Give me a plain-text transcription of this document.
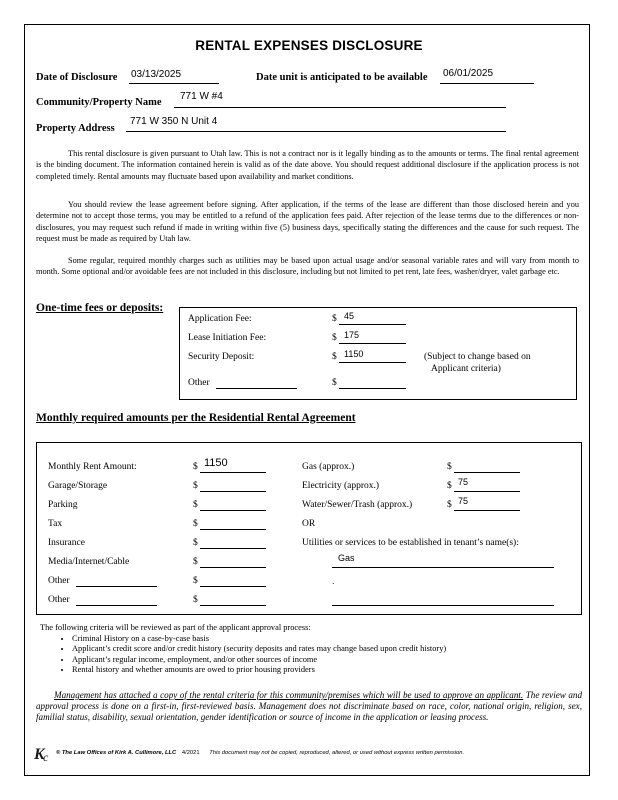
RENTAL EXPENSES DISCLOSURE
Date of Disclosure 03/13/2025	Date unit is anticipated to be available 06/01/2025
Community/Property Name
771 W #4
Property Address
771 W 350 N Unit 4
This rental disclosure is given pursuant to Utah law. This is not a contract nor is it legally binding as to the amounts or terms. The final rental agreement is the binding document. The information contained herein is valid as of the date above. You should request additional disclosure if the application process is not completed timely. Rental amounts may fluctuate based upon availability and market conditions.
You should review the lease agreement before signing. After application, if the terms of the lease are different than those disclosed herein and you determine not to accept those terms, you may be entitled to a refund of the application fees paid. After rejection of the lease terms due to the differences or non-disclosures, you may request such refund if made in writing within five (5) business days, specifically stating the differences and the cause for such request. The request must be made as required by Utah law.
Some regular, required monthly charges such as utilities may be based upon actual usage and/or seasonal variable rates and will vary from month to month. Some optional and/or avoidable fees are not included in this disclosure, including but not limited to pet rent, late fees, washer/dryer, valet garbage etc.
One-time fees or deposits:
Application Fee:	$ 45
Lease Initiation Fee:	$ 175
Security Deposit:	$ 1150	(Subject to change based on
Applicant criteria)
Other	$
Monthly required amounts per the Residential Rental Agreement
Monthly Rent Amount:	$ 1150
Garage/Storage	$
Parking	$
Tax	$
Insurance	$
Media/Internet/Cable	$
Other	$
Other	$
Gas (approx.)	$
Electricity (approx.)	$ 75
Water/Sewer/Trash (approx.)	$ 75
OR
Utilities or services to be established in tenant’s name(s):
Gas
.
The following criteria will be reviewed as part of the applicant approval process:
• Criminal History on a case-by-case basis
• Applicant’s credit score and/or credit history (security deposits and rates may change based upon credit history)
• Applicant’s regular income, employment, and/or other sources of income
• Rental history and whether amounts are owed to prior housing providers
Management has attached a copy of the rental criteria for this community/premises which will be used to approve an applicant. The review and approval process is done on a first-in, first-reviewed basis. Management does not discriminate based on race, color, national origin, religion, sex, familial status, disability, sexual orientation, gender identification or source of income in the application or leasing process.
K
c ® The Law Offices of Kirk A. Cullimore, LLC 4/2021 This document may not be copied, reproduced, altered, or used without express written permission.
